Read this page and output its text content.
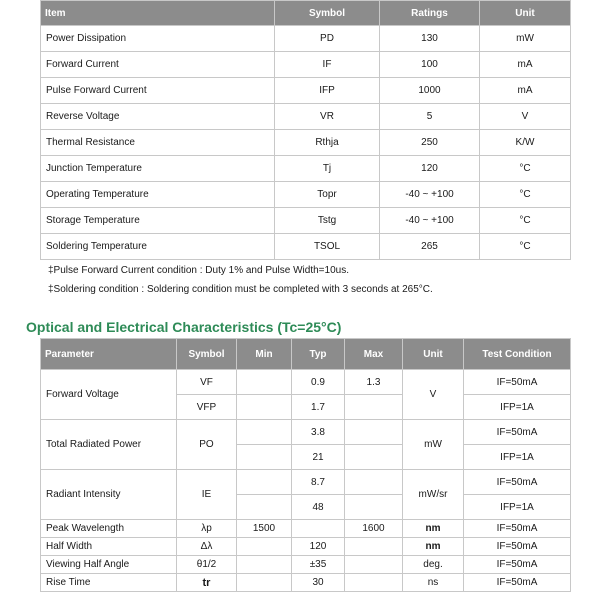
Item	Symbol	Ratings	Unit
Power Dissipation	PD	130	mW
Forward Current	IF	100	mA
Pulse Forward Current	IFP	1000	mA
Reverse Voltage	VR	5	V
Thermal Resistance	Rthja	250	K/W
Junction Temperature	Tj	120	°C
Operating Temperature	Topr	-40 ~ +100	°C
Storage Temperature	Tstg	-40 ~ +100	°C
Soldering Temperature	TSOL	265	°C
‡Pulse Forward Current condition : Duty 1% and Pulse Width=10us.
‡Soldering condition : Soldering condition must be completed with 3 seconds at 265°C.
Optical and Electrical Characteristics (Tc=25°C)
Parameter	Symbol	Min	Typ	Max	Unit	Test Condition
Forward Voltage	VF		0.9	1.3	V	IF=50mA
	VFP		1.7			IFP=1A
Total Radiated Power	PO		3.8		mW	IF=50mA
			21			IFP=1A
Radiant Intensity	IE		8.7		mW/sr	IF=50mA
			48			IFP=1A
Peak Wavelength	λp	1500		1600	nm	IF=50mA
Half Width	Δλ		120		nm	IF=50mA
Viewing Half Angle	θ1/2		±35		deg.	IF=50mA
Rise Time	tr		30		ns	IF=50mA
